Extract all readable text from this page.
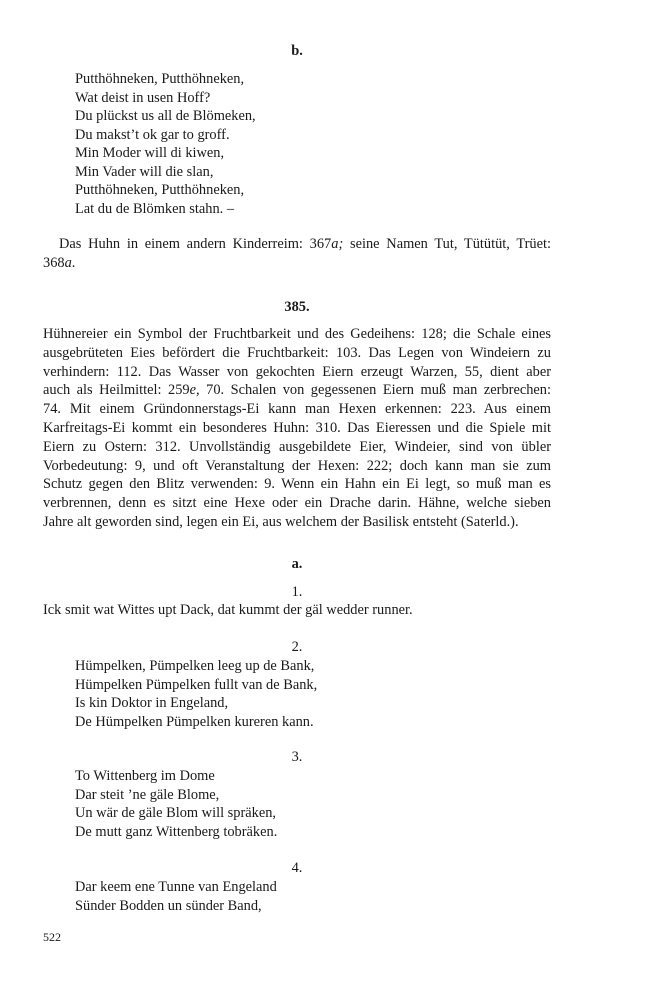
b.
Putthöhneken, Putthöhneken,
Wat deist in usen Hoff?
Du plückst us all de Blömeken,
Du makst’t ok gar to groff.
Min Moder will di kiwen,
Min Vader will die slan,
Putthöhneken, Putthöhneken,
Lat du de Blömken stahn. –
Das Huhn in einem andern Kinderreim: 367a; seine Namen Tut, Tütütüt, Trüet:
368a.
385.
Hühnereier ein Symbol der Fruchtbarkeit und des Gedeihens: 128; die Schale eines
ausgebrüteten Eies befördert die Fruchtbarkeit: 103. Das Legen von Windeiern zu
verhindern: 112. Das Wasser von gekochten Eiern erzeugt Warzen, 55, dient aber
auch als Heilmittel: 259e, 70. Schalen von gegessenen Eiern muß man zerbrechen:
74. Mit einem Gründonnerstags-Ei kann man Hexen erkennen: 223. Aus einem
Karfreitags-Ei kommt ein besonderes Huhn: 310. Das Eieressen und die Spiele mit
Eiern zu Ostern: 312. Unvollständig ausgebildete Eier, Windeier, sind von übler
Vorbedeutung: 9, und oft Veranstaltung der Hexen: 222; doch kann man sie zum
Schutz gegen den Blitz verwenden: 9. Wenn ein Hahn ein Ei legt, so muß man es
verbrennen, denn es sitzt eine Hexe oder ein Drache darin. Hähne, welche sieben
Jahre alt geworden sind, legen ein Ei, aus welchem der Basilisk entsteht (Saterld.).
a.
1.
Ick smit wat Wittes upt Dack, dat kummt der gäl wedder runner.
2.
Hümpelken, Pümpelken leeg up de Bank,
Hümpelken Pümpelken fullt van de Bank,
Is kin Doktor in Engeland,
De Hümpelken Pümpelken kureren kann.
3.
To Wittenberg im Dome
Dar steit ’ne gäle Blome,
Un wär de gäle Blom will spräken,
De mutt ganz Wittenberg tobräken.
4.
Dar keem ene Tunne van Engeland
Sünder Bodden un sünder Band,
522
